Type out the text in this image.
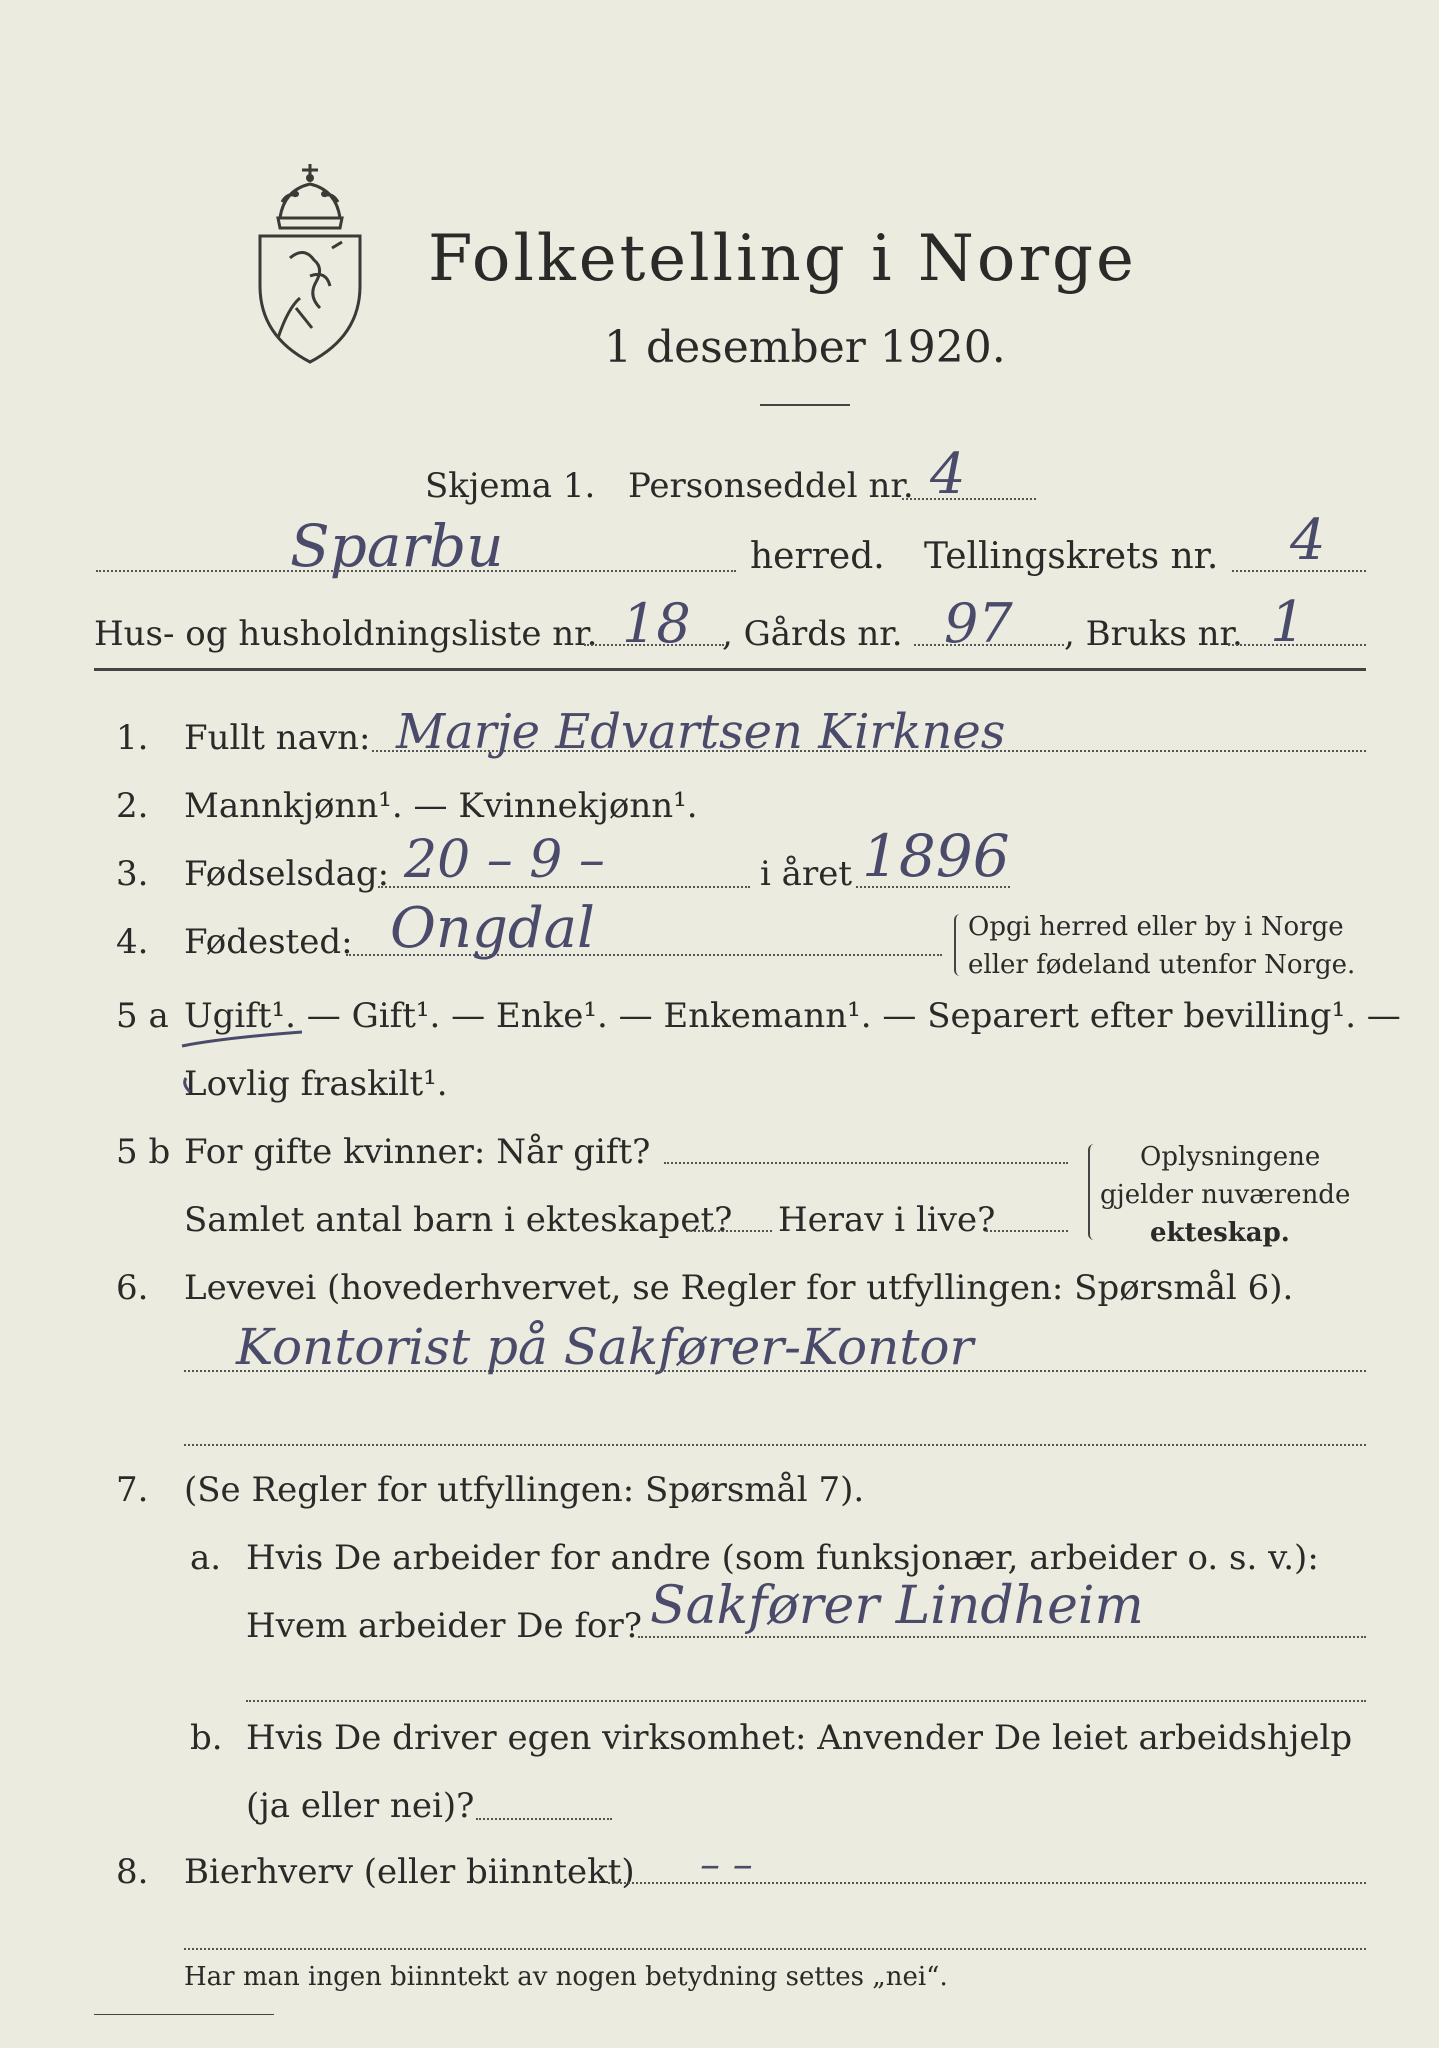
Folketelling i Norge
1 desember 1920.
Skjema 1. Personseddel nr. 4
Sparbu	herred. Tellingskrets nr. 4
Hus- og husholdningsliste nr. 18 , Gårds nr. 97 , Bruks nr. 1
1. Fullt navn: Marje Edvartsen Kirknes
2. Mannkjønn¹. — Kvinnekjønn¹.
3. Fødselsdag: 20 – 9 –	i året 1896
4. Fødested: Ongdal	Opgi herred eller by i Norge
eller fødeland utenfor Norge.
5 a Ugift¹. — Gift¹. — Enke¹. — Enkemann¹. — Separert efter bevilling¹. —
Lovlig fraskilt¹.
5 b For gifte kvinner: Når gift?
Samlet antal barn i ekteskapet? Herav i live?
Oplysningene
gjelder nuværende
ekteskap.
6. Levevei (hovederhvervet, se Regler for utfyllingen: Spørsmål 6).
Kontorist på Sakfører-Kontor
7. (Se Regler for utfyllingen: Spørsmål 7).
a. Hvis De arbeider for andre (som funksjonær, arbeider o. s. v.):
Hvem arbeider De for? Sakfører Lindheim
b. Hvis De driver egen virksomhet: Anvender De leiet arbeidshjelp
(ja eller nei)?
8. Bierhverv (eller biinntekt) – –
Har man ingen biinntekt av nogen betydning settes „nei“.
